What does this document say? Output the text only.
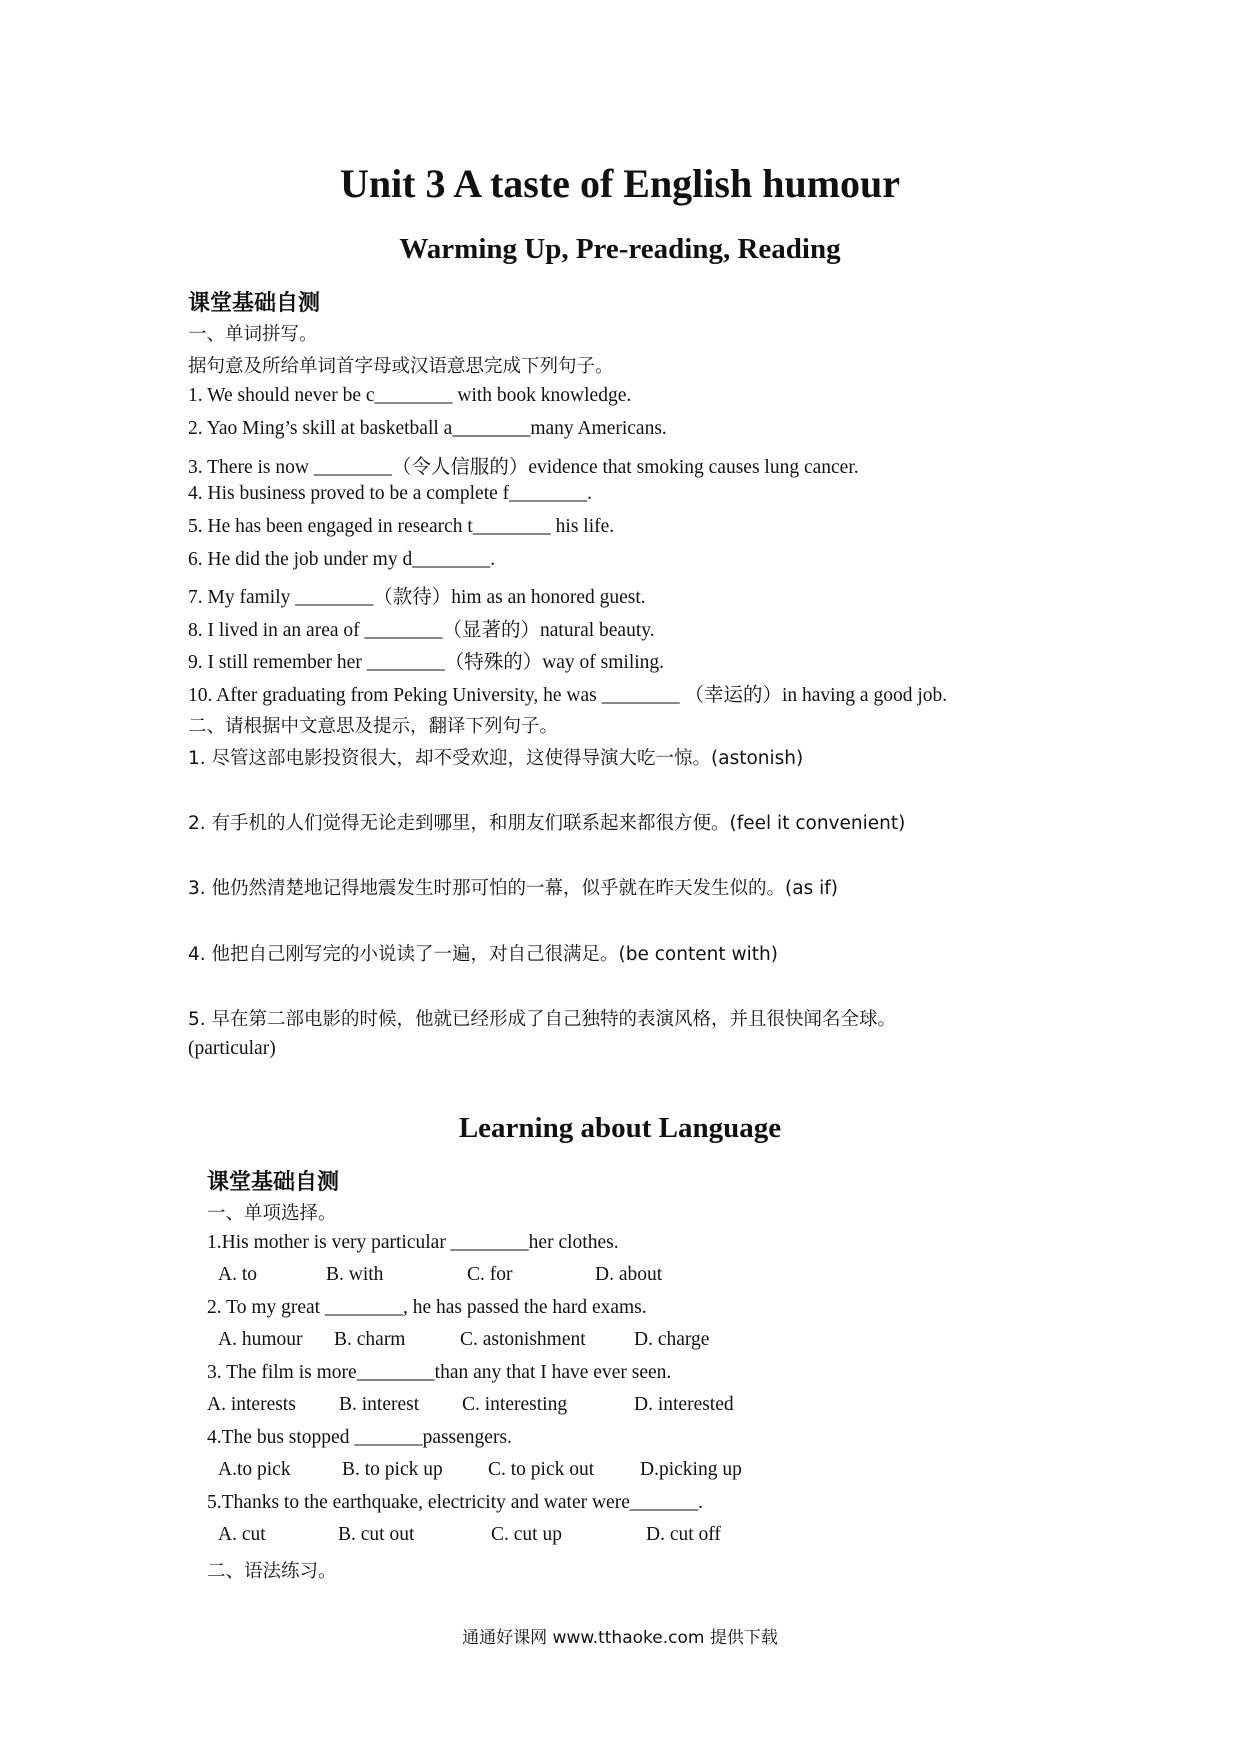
Unit 3 A taste of English humour
Warming Up, Pre-reading, Reading
课堂基础自测
一、单词拼写。
据句意及所给单词首字母或汉语意思完成下列句子。
1. We should never be c________ with book knowledge.
2. Yao Ming’s skill at basketball a________many Americans.
3. There is now ________（令人信服的）evidence that smoking causes lung cancer.
4. His business proved to be a complete f________.
5. He has been engaged in research t________ his life.
6. He did the job under my d________.
7. My family ________（款待）him as an honored guest.
8. I lived in an area of ________（显著的）natural beauty.
9. I still remember her ________（特殊的）way of smiling.
10. After graduating from Peking University, he was ________ （幸运的）in having a good job.
二、请根据中文意思及提示，翻译下列句子。
1. 尽管这部电影投资很大，却不受欢迎，这使得导演大吃一惊。(astonish)
2. 有手机的人们觉得无论走到哪里，和朋友们联系起来都很方便。(feel it convenient)
3. 他仍然清楚地记得地震发生时那可怕的一幕，似乎就在昨天发生似的。(as if)
4. 他把自己刚写完的小说读了一遍，对自己很满足。(be content with)
5. 早在第二部电影的时候，他就已经形成了自己独特的表演风格，并且很快闻名全球。
(particular)
Learning about Language
课堂基础自测
一、单项选择。
1.His mother is very particular ________her clothes.
A. to	B. with	C. for	D. about
2. To my great ________, he has passed the hard exams.
A. humour B. charm	C. astonishment D. charge
3. The film is more________than any that I have ever seen.
A. interests B. interest C. interesting	D. interested
4.The bus stopped _______passengers.
A.to pick	B. to pick up C. to pick out D.picking up
5.Thanks to the earthquake, electricity and water were_______.
A. cut	B. cut out	C. cut up	D. cut off
二、语法练习。
通通好课网 www.tthaoke.com 提供下载
